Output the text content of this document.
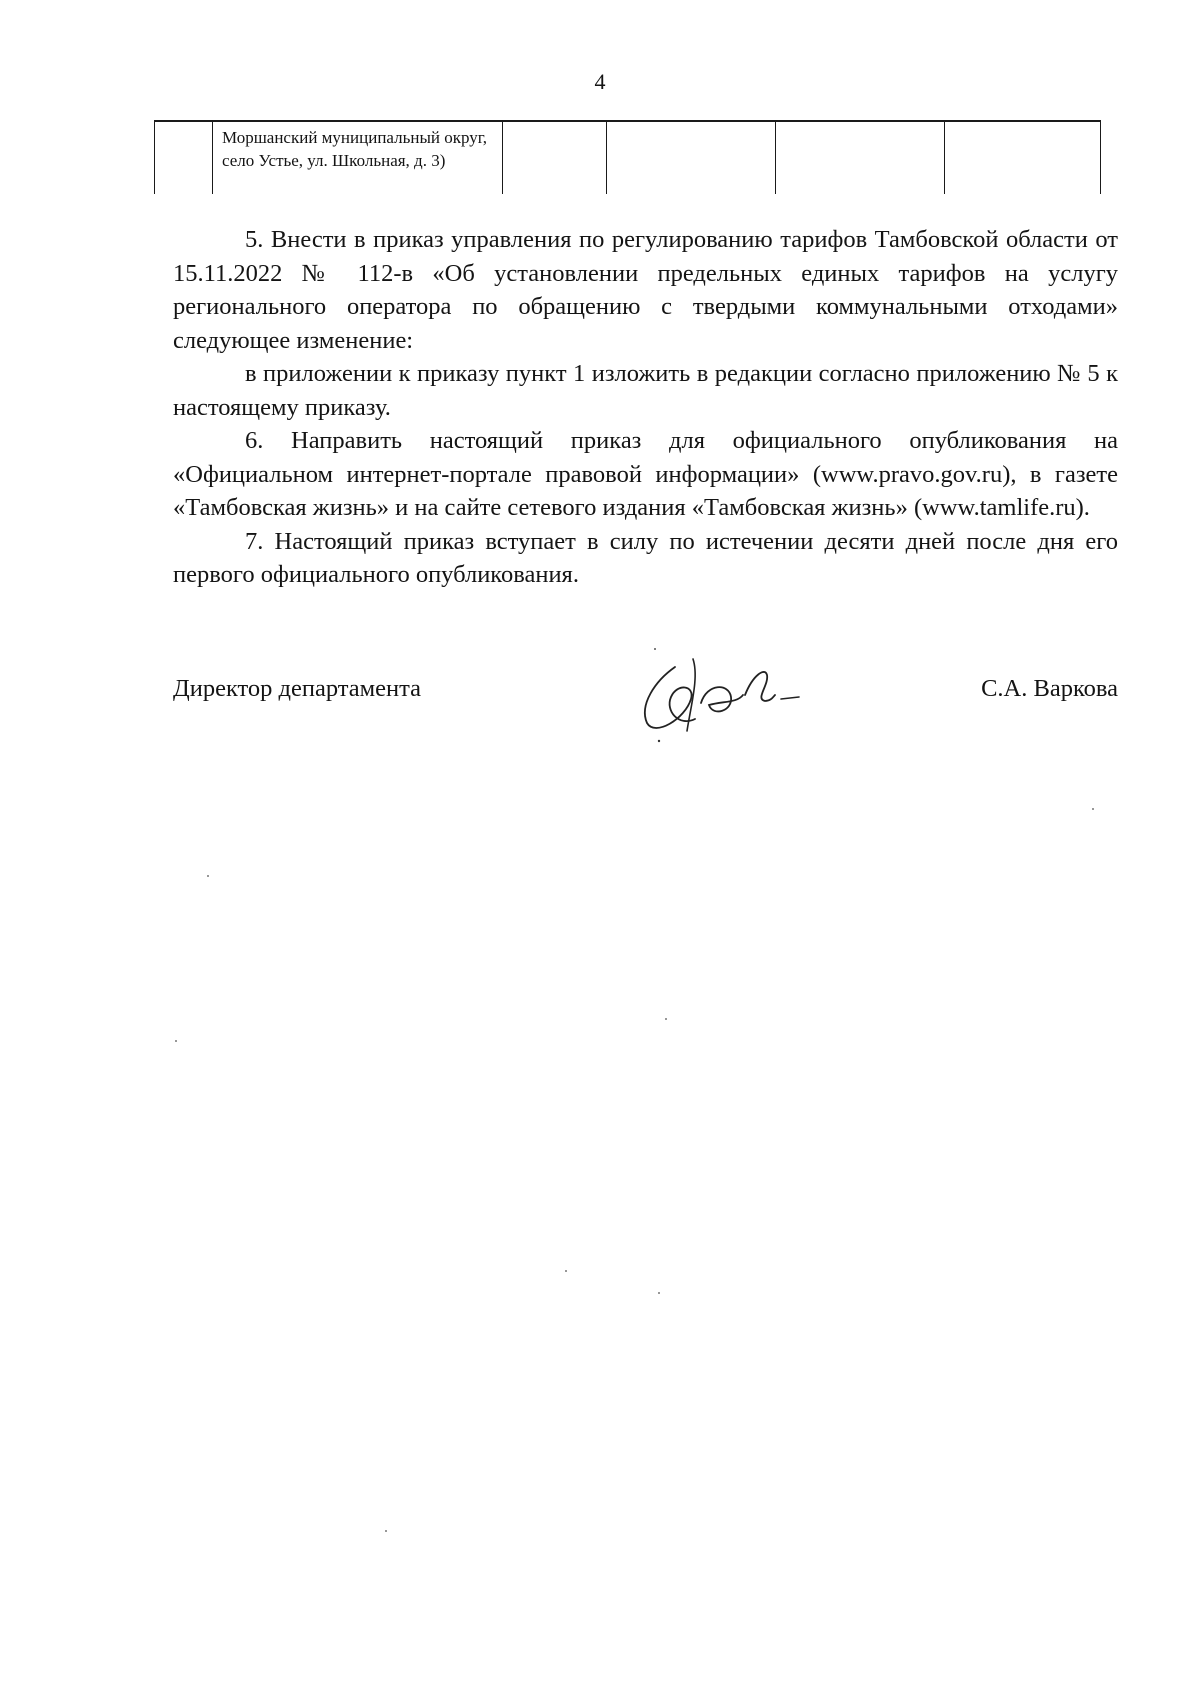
4
	Моршанский муниципальный округ, село Устье, ул. Школьная, д. 3)				

5. Внести в приказ управления по регулированию тарифов Тамбовской области от 15.11.2022 № 112-в «Об установлении предельных единых тарифов на услугу регионального оператора по обращению с твердыми коммунальными отходами» следующее изменение:

в приложении к приказу пункт 1 изложить в редакции согласно приложению № 5 к настоящему приказу.

6. Направить настоящий приказ для официального опубликования на «Официальном интернет-портале правовой информации» (www.pravo.gov.ru), в газете «Тамбовская жизнь» и на сайте сетевого издания «Тамбовская жизнь» (www.tamlife.ru).

7. Настоящий приказ вступает в силу по истечении десяти дней после дня его первого официального опубликования.

Директор департамента	С.А. Варкова
